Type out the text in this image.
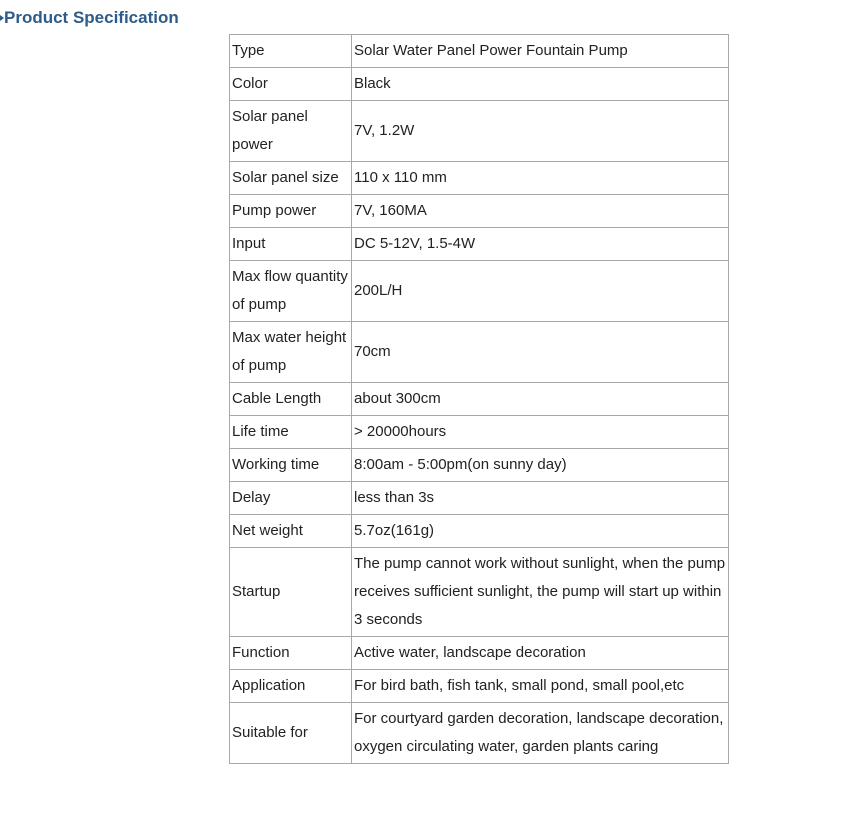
Product Specification
Type	Solar Water Panel Power Fountain Pump
Color	Black
Solar panel power	7V, 1.2W
Solar panel size	110 x 110 mm
Pump power	7V, 160MA
Input	DC 5-12V, 1.5-4W
Max flow quantity of pump	200L/H
Max water height of pump	70cm
Cable Length	about 300cm
Life time	> 20000hours
Working time	8:00am - 5:00pm(on sunny day)
Delay	less than 3s
Net weight	5.7oz(161g)
Startup	The pump cannot work without sunlight, when the pump receives sufficient sunlight, the pump will start up within 3 seconds
Function	Active water, landscape decoration
Application	For bird bath, fish tank, small pond, small pool,etc
Suitable for	For courtyard garden decoration, landscape decoration, oxygen circulating water, garden plants caring
